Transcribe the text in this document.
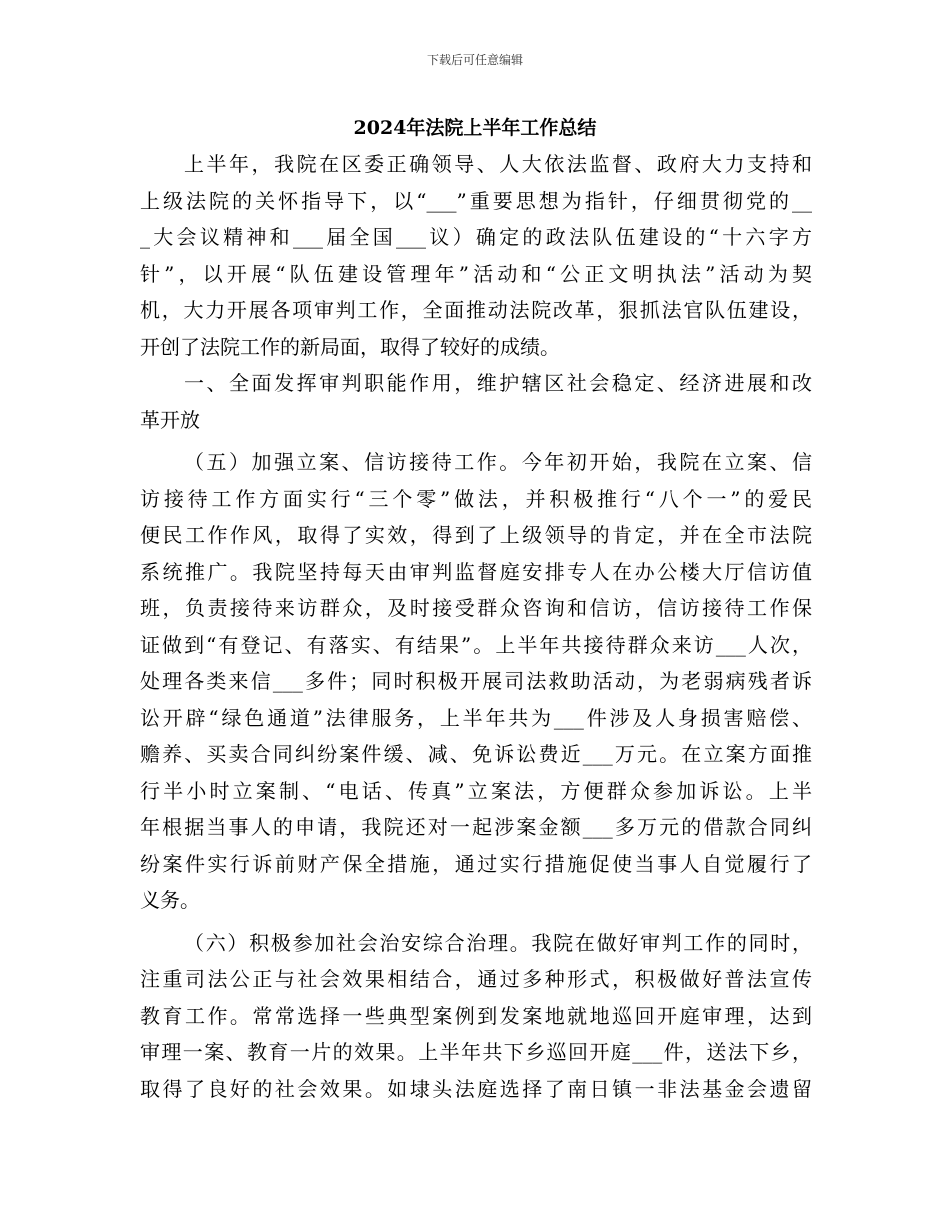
下载后可任意编辑
2024年法院上半年工作总结
上半年，我院在区委正确领导、人大依法监督、政府大力支持和
上级法院的关怀指导下，以“___”重要思想为指针，仔细贯彻党的__
_大会议精神和___届全国___议）确定的政法队伍建设的“十六字方
针”，以开展“队伍建设管理年”活动和“公正文明执法”活动为契
机，大力开展各项审判工作，全面推动法院改革，狠抓法官队伍建设，
开创了法院工作的新局面，取得了较好的成绩。
一、全面发挥审判职能作用，维护辖区社会稳定、经济进展和改
革开放
（五）加强立案、信访接待工作。今年初开始，我院在立案、信
访接待工作方面实行“三个零”做法，并积极推行“八个一”的爱民
便民工作作风，取得了实效，得到了上级领导的肯定，并在全市法院
系统推广。我院坚持每天由审判监督庭安排专人在办公楼大厅信访值
班，负责接待来访群众，及时接受群众咨询和信访，信访接待工作保
证做到“有登记、有落实、有结果”。上半年共接待群众来访___人次，
处理各类来信___多件；同时积极开展司法救助活动，为老弱病残者诉
讼开辟“绿色通道”法律服务，上半年共为___件涉及人身损害赔偿、
赡养、买卖合同纠纷案件缓、减、免诉讼费近___万元。在立案方面推
行半小时立案制、“电话、传真”立案法，方便群众参加诉讼。上半
年根据当事人的申请，我院还对一起涉案金额___多万元的借款合同纠
纷案件实行诉前财产保全措施，通过实行措施促使当事人自觉履行了
义务。
（六）积极参加社会治安综合治理。我院在做好审判工作的同时，
注重司法公正与社会效果相结合，通过多种形式，积极做好普法宣传
教育工作。常常选择一些典型案例到发案地就地巡回开庭审理，达到
审理一案、教育一片的效果。上半年共下乡巡回开庭___件，送法下乡，
取得了良好的社会效果。如埭头法庭选择了南日镇一非法基金会遗留
